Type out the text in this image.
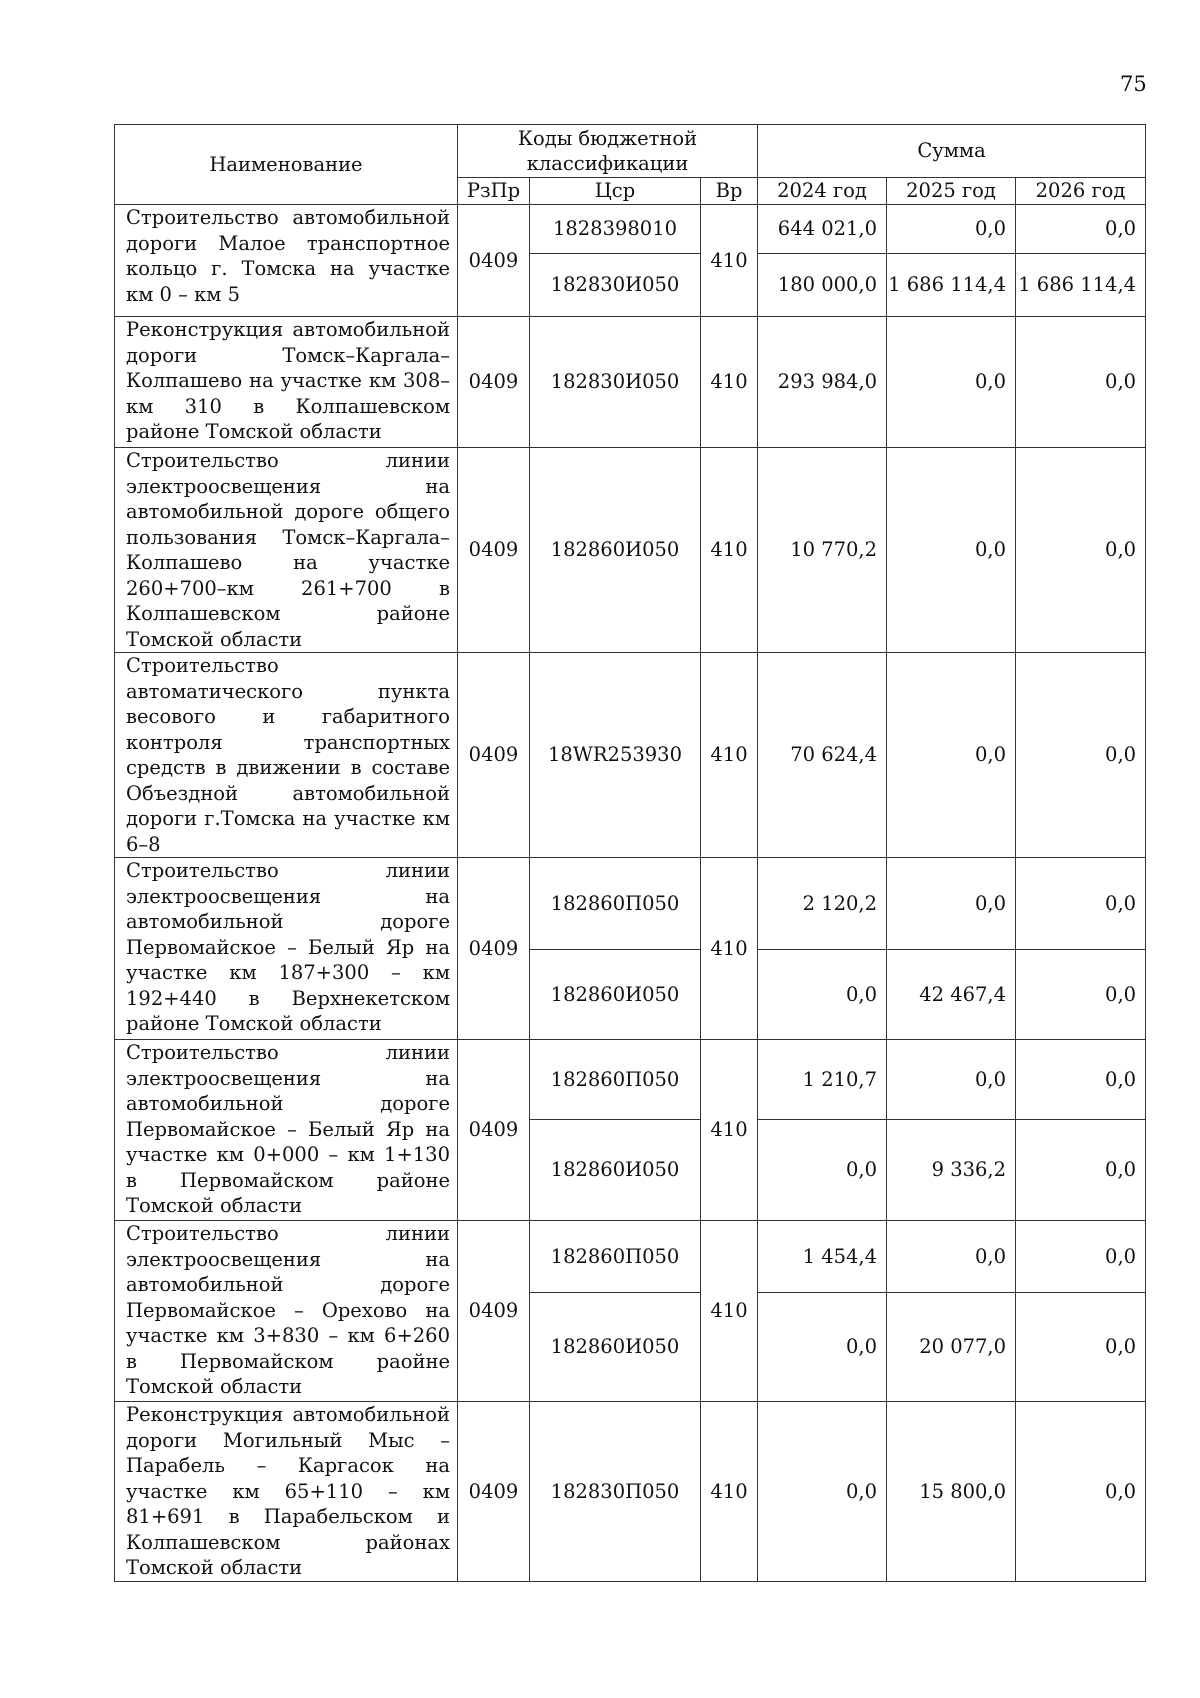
75
Наименование	Коды бюджетной классификации			Сумма		
	РзПр	Цср	Вр	2024 год	2025 год	2026 год
Строительство автомобильной дороги Малое транспортное кольцо г. Томска на участке км 0 – км 5	0409	1828398010	410	644 021,0	0,0	0,0
		182830И050		180 000,0	1 686 114,4	1 686 114,4
Реконструкция автомобильной дороги Томск–Каргала–Колпашево на участке км 308–км 310 в Колпашевском районе Томской области	0409	182830И050	410	293 984,0	0,0	0,0
Строительство линии электроосвещения на автомобильной дороге общего пользования Томск–Каргала–Колпашево на участке 260+700–км 261+700 в Колпашевском районе Томской области	0409	182860И050	410	10 770,2	0,0	0,0
Строительство автоматического пункта весового и габаритного контроля транспортных средств в движении в составе Объездной автомобильной дороги г.Томска на участке км 6–8	0409	18WR253930	410	70 624,4	0,0	0,0
Строительство линии электроосвещения на автомобильной дороге Первомайское – Белый Яр на участке км 187+300 – км 192+440 в Верхнекетском районе Томской области	0409	182860П050	410	2 120,2	0,0	0,0
		182860И050		0,0	42 467,4	0,0
Строительство линии электроосвещения на автомобильной дороге Первомайское – Белый Яр на участке км 0+000 – км 1+130 в Первомайском районе Томской области	0409	182860П050	410	1 210,7	0,0	0,0
		182860И050		0,0	9 336,2	0,0
Строительство линии электроосвещения на автомобильной дороге Первомайское – Орехово на участке км 3+830 – км 6+260 в Первомайском раойне Томской области	0409	182860П050	410	1 454,4	0,0	0,0
		182860И050		0,0	20 077,0	0,0
Реконструкция автомобильной дороги Могильный Мыс – Парабель – Каргасок на участке км 65+110 – км 81+691 в Парабельском и Колпашевском районах Томской области	0409	182830П050	410	0,0	15 800,0	0,0
